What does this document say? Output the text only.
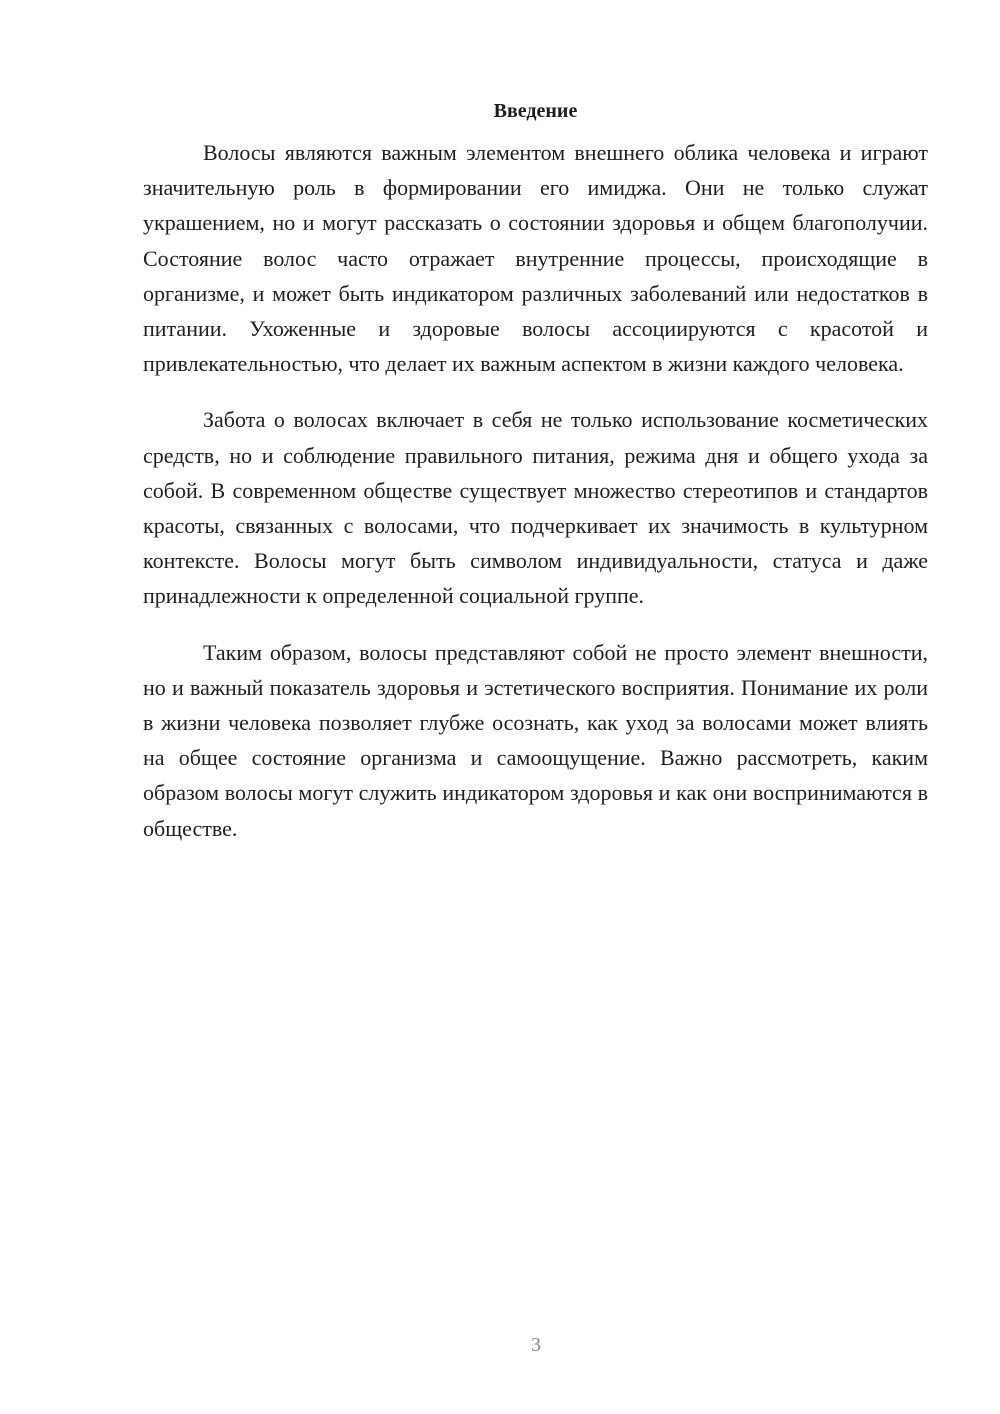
Введение

Волосы являются важным элементом внешнего облика человека и играют значительную роль в формировании его имиджа. Они не только служат украшением, но и могут рассказать о состоянии здоровья и общем благополучии. Состояние волос часто отражает внутренние процессы, происходящие в организме, и может быть индикатором различных заболеваний или недостатков в питании. Ухоженные и здоровые волосы ассоциируются с красотой и привлекательностью, что делает их важным аспектом в жизни каждого человека.

Забота о волосах включает в себя не только использование косметических средств, но и соблюдение правильного питания, режима дня и общего ухода за собой. В современном обществе существует множество стереотипов и стандартов красоты, связанных с волосами, что подчеркивает их значимость в культурном контексте. Волосы могут быть символом индивидуальности, статуса и даже принадлежности к определенной социальной группе.

Таким образом, волосы представляют собой не просто элемент внешности, но и важный показатель здоровья и эстетического восприятия. Понимание их роли в жизни человека позволяет глубже осознать, как уход за волосами может влиять на общее состояние организма и самоощущение. Важно рассмотреть, каким образом волосы могут служить индикатором здоровья и как они воспринимаются в обществе.

3
